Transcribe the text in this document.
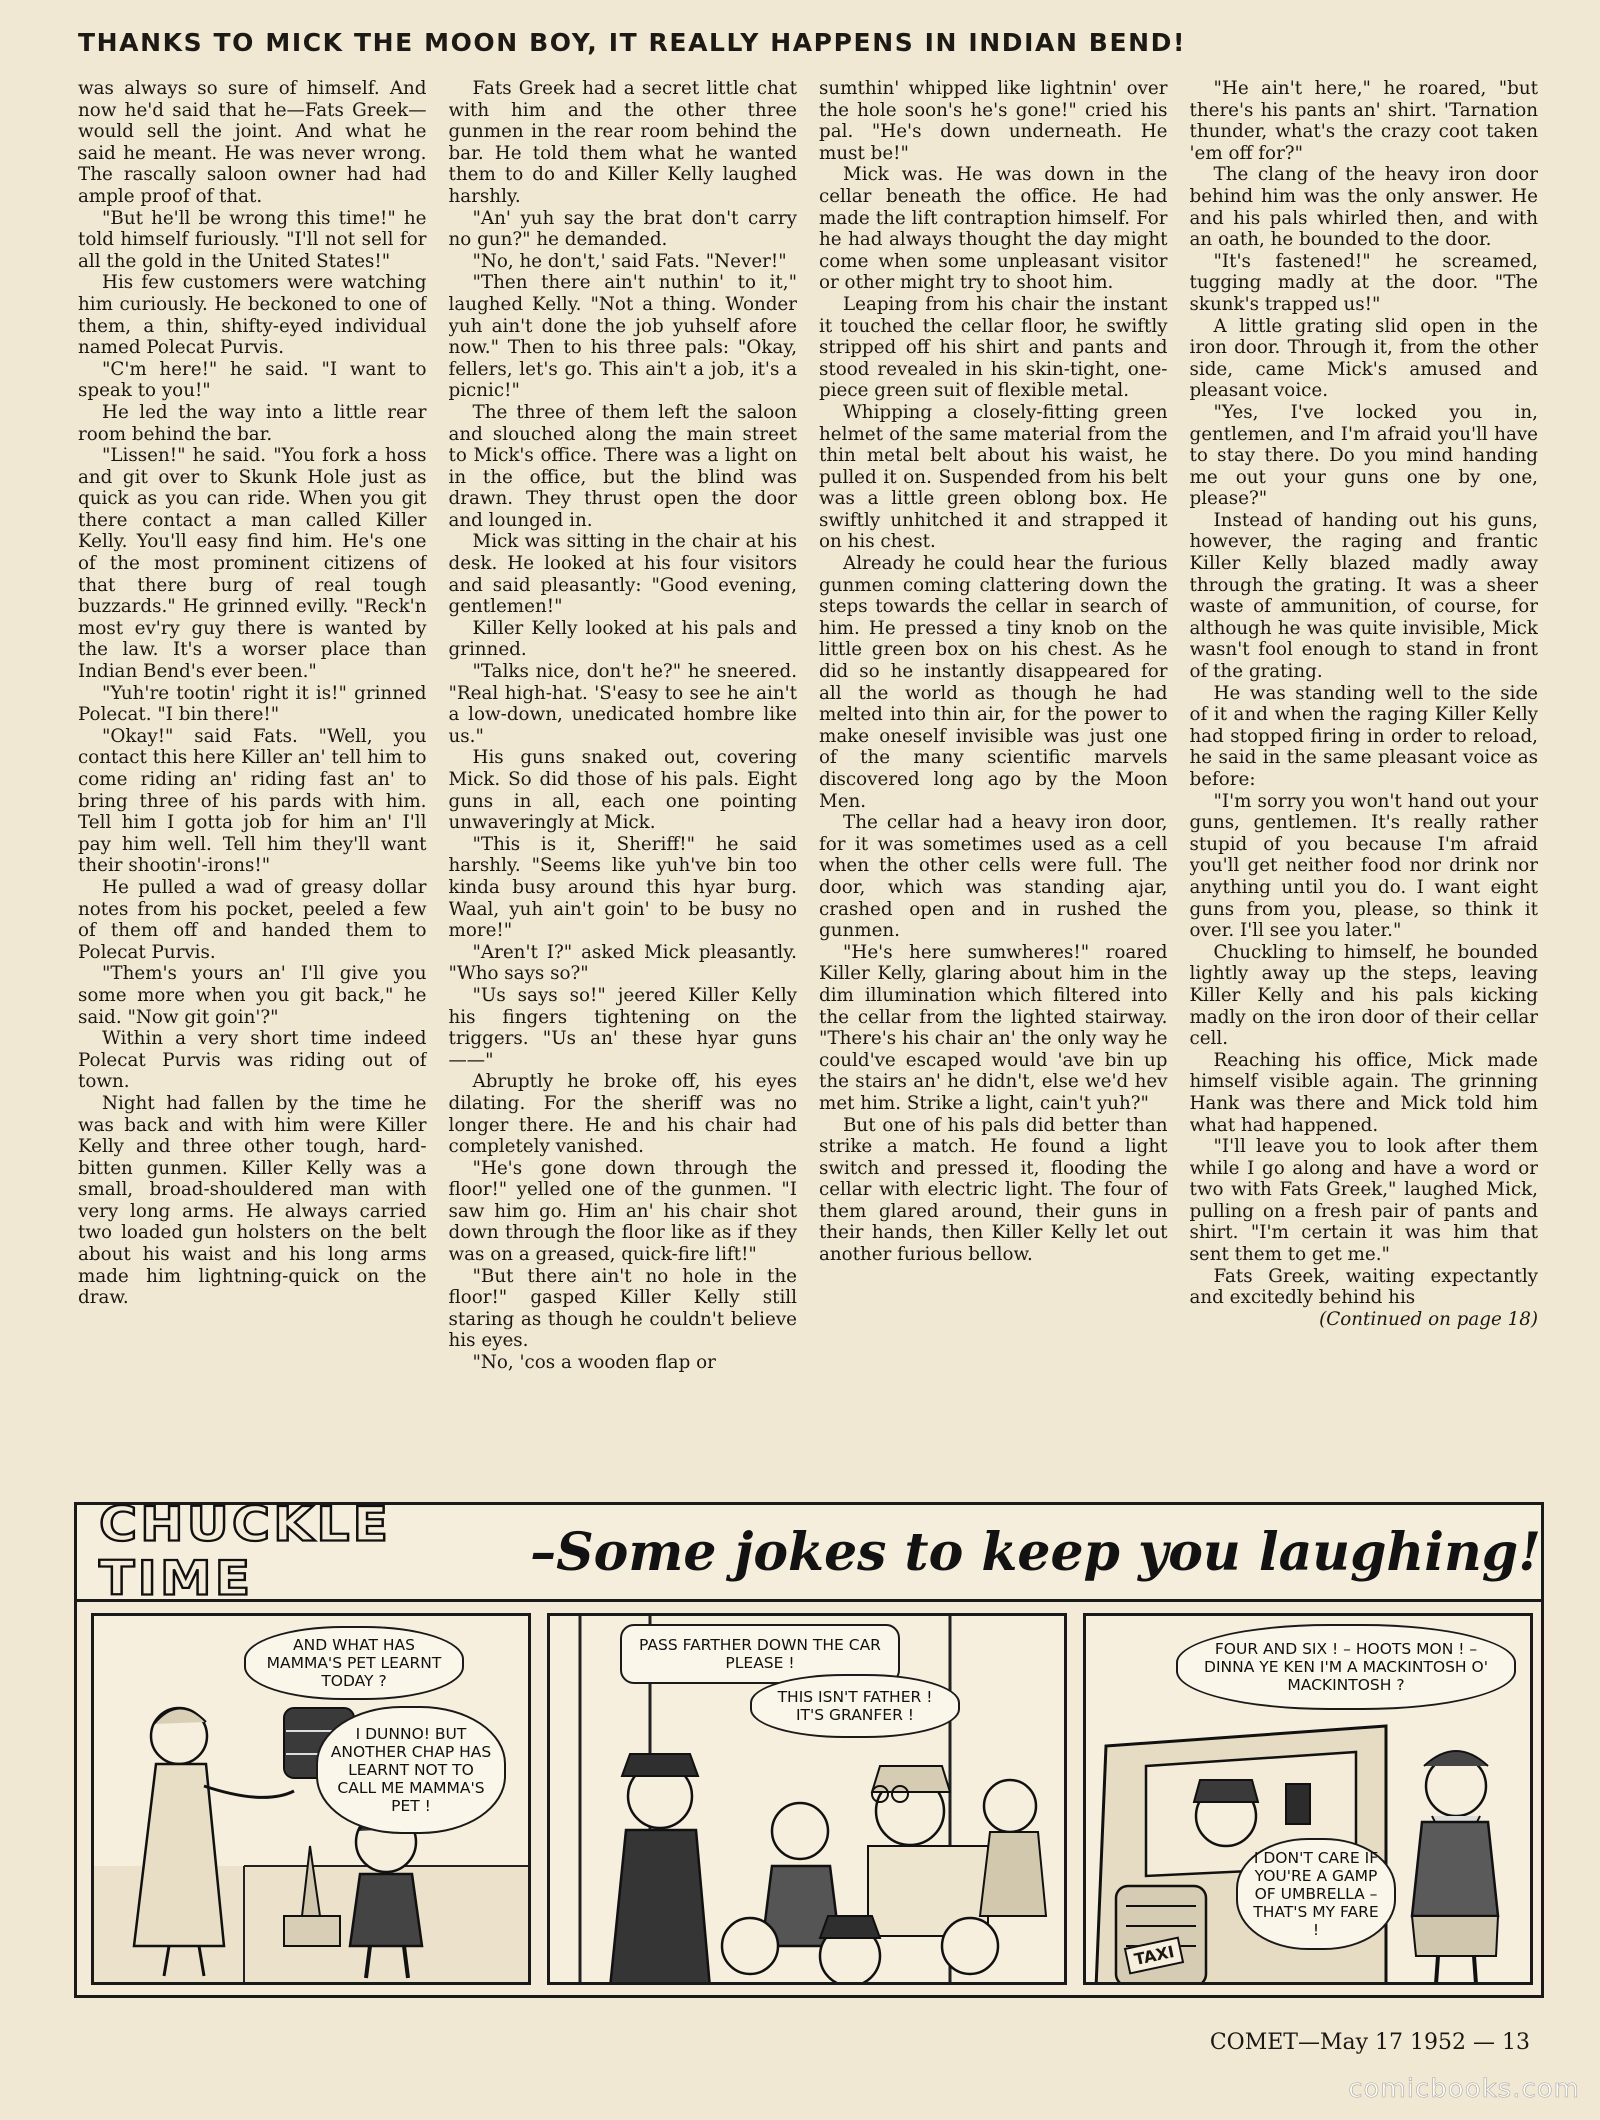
THANKS TO MICK THE MOON BOY, IT REALLY HAPPENS IN INDIAN BEND!

was always so sure of himself. And now he'd said that he—Fats Greek—would sell the joint. And what he said he meant. He was never wrong. The rascally saloon owner had had ample proof of that.

"But he'll be wrong this time!" he told himself furiously. "I'll not sell for all the gold in the United States!"

His few customers were watching him curiously. He beckoned to one of them, a thin, shifty-eyed individual named Polecat Purvis.

"C'm here!" he said. "I want to speak to you!"

He led the way into a little rear room behind the bar.

"Lissen!" he said. "You fork a hoss and git over to Skunk Hole just as quick as you can ride. When you git there contact a man called Killer Kelly. You'll easy find him. He's one of the most prominent citizens of that there burg of real tough buzzards." He grinned evilly. "Reck'n most ev'ry guy there is wanted by the law. It's a worser place than Indian Bend's ever been."

"Yuh're tootin' right it is!" grinned Polecat. "I bin there!"

"Okay!" said Fats. "Well, you contact this here Killer an' tell him to come riding an' riding fast an' to bring three of his pards with him. Tell him I gotta job for him an' I'll pay him well. Tell him they'll want their shootin'-irons!"

He pulled a wad of greasy dollar notes from his pocket, peeled a few of them off and handed them to Polecat Purvis.

"Them's yours an' I'll give you some more when you git back," he said. "Now git goin'?"

Within a very short time indeed Polecat Purvis was riding out of town.

Night had fallen by the time he was back and with him were Killer Kelly and three other tough, hard-bitten gunmen. Killer Kelly was a small, broad-shouldered man with very long arms. He always carried two loaded gun holsters on the belt about his waist and his long arms made him lightning-quick on the draw.

Fats Greek had a secret little chat with him and the other three gunmen in the rear room behind the bar. He told them what he wanted them to do and Killer Kelly laughed harshly.

"An' yuh say the brat don't carry no gun?" he demanded.

"No, he don't,' said Fats. "Never!"

"Then there ain't nuthin' to it," laughed Kelly. "Not a thing. Wonder yuh ain't done the job yuhself afore now." Then to his three pals: "Okay, fellers, let's go. This ain't a job, it's a picnic!"

The three of them left the saloon and slouched along the main street to Mick's office. There was a light on in the office, but the blind was drawn. They thrust open the door and lounged in.

Mick was sitting in the chair at his desk. He looked at his four visitors and said pleasantly: "Good evening, gentlemen!"

Killer Kelly looked at his pals and grinned.

"Talks nice, don't he?" he sneered. "Real high-hat. 'S'easy to see he ain't a low-down, unedicated hombre like us."

His guns snaked out, covering Mick. So did those of his pals. Eight guns in all, each one pointing unwaveringly at Mick.

"This is it, Sheriff!" he said harshly. "Seems like yuh've bin too kinda busy around this hyar burg. Waal, yuh ain't goin' to be busy no more!"

"Aren't I?" asked Mick pleasantly. "Who says so?"

"Us says so!" jeered Killer Kelly his fingers tightening on the triggers. "Us an' these hyar guns——"

Abruptly he broke off, his eyes dilating. For the sheriff was no longer there. He and his chair had completely vanished.

"He's gone down through the floor!" yelled one of the gunmen. "I saw him go. Him an' his chair shot down through the floor like as if they was on a greased, quick-fire lift!"

"But there ain't no hole in the floor!" gasped Killer Kelly still staring as though he couldn't believe his eyes.

"No, 'cos a wooden flap or

sumthin' whipped like lightnin' over the hole soon's he's gone!" cried his pal. "He's down underneath. He must be!"

Mick was. He was down in the cellar beneath the office. He had made the lift contraption himself. For he had always thought the day might come when some unpleasant visitor or other might try to shoot him.

Leaping from his chair the instant it touched the cellar floor, he swiftly stripped off his shirt and pants and stood revealed in his skin-tight, one-piece green suit of flexible metal.

Whipping a closely-fitting green helmet of the same material from the thin metal belt about his waist, he pulled it on. Suspended from his belt was a little green oblong box. He swiftly unhitched it and strapped it on his chest.

Already he could hear the furious gunmen coming clattering down the steps towards the cellar in search of him. He pressed a tiny knob on the little green box on his chest. As he did so he instantly disappeared for all the world as though he had melted into thin air, for the power to make oneself invisible was just one of the many scientific marvels discovered long ago by the Moon Men.

The cellar had a heavy iron door, for it was sometimes used as a cell when the other cells were full. The door, which was standing ajar, crashed open and in rushed the gunmen.

"He's here sumwheres!" roared Killer Kelly, glaring about him in the dim illumination which filtered into the cellar from the lighted stairway. "There's his chair an' the only way he could've escaped would 'ave bin up the stairs an' he didn't, else we'd hev met him. Strike a light, cain't yuh?"

But one of his pals did better than strike a match. He found a light switch and pressed it, flooding the cellar with electric light. The four of them glared around, their guns in their hands, then Killer Kelly let out another furious bellow.

"He ain't here," he roared, "but there's his pants an' shirt. 'Tarnation thunder, what's the crazy coot taken 'em off for?"

The clang of the heavy iron door behind him was the only answer. He and his pals whirled then, and with an oath, he bounded to the door.

"It's fastened!" he screamed, tugging madly at the door. "The skunk's trapped us!"

A little grating slid open in the iron door. Through it, from the other side, came Mick's amused and pleasant voice.

"Yes, I've locked you in, gentlemen, and I'm afraid you'll have to stay there. Do you mind handing me out your guns one by one, please?"

Instead of handing out his guns, however, the raging and frantic Killer Kelly blazed madly away through the grating. It was a sheer waste of ammunition, of course, for although he was quite invisible, Mick wasn't fool enough to stand in front of the grating.

He was standing well to the side of it and when the raging Killer Kelly had stopped firing in order to reload, he said in the same pleasant voice as before:

"I'm sorry you won't hand out your guns, gentlemen. It's really rather stupid of you because I'm afraid you'll get neither food nor drink nor anything until you do. I want eight guns from you, please, so think it over. I'll see you later."

Chuckling to himself, he bounded lightly away up the steps, leaving Killer Kelly and his pals kicking madly on the iron door of their cellar cell.

Reaching his office, Mick made himself visible again. The grinning Hank was there and Mick told him what had happened.

"I'll leave you to look after them while I go along and have a word or two with Fats Greek," laughed Mick, pulling on a fresh pair of pants and shirt. "I'm certain it was him that sent them to get me."

Fats Greek, waiting expectantly and excitedly behind his

(Continued on page 18)

CHUCKLE TIME	–Some jokes to keep you laughing!
AND WHAT HAS MAMMA'S PET LEARNT TODAY ?
I DUNNO! BUT ANOTHER CHAP HAS LEARNT NOT TO CALL ME MAMMA'S PET !
PASS FARTHER DOWN THE CAR PLEASE !
THIS ISN'T FATHER ! IT'S GRANFER !
FOUR AND SIX ! – HOOTS MON ! – DINNA YE KEN I'M A MACKINTOSH O' MACKINTOSH ?
I DON'T CARE IF YOU'RE A GAMP OF UMBRELLA – THAT'S MY FARE !
TAXI
COMET—May 17 1952 — 13
comicbooks.com
